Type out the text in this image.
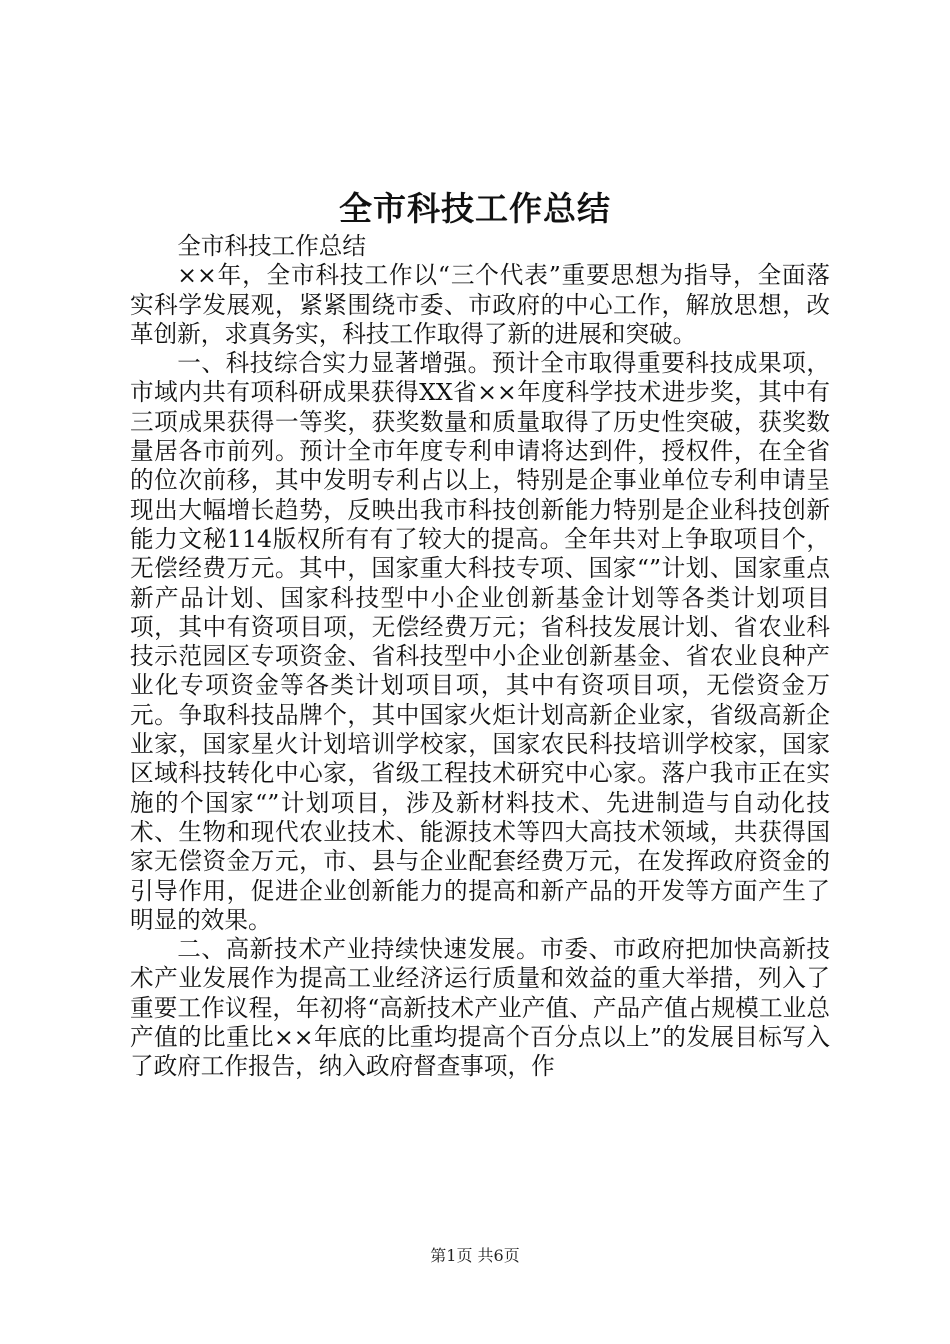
全市科技工作总结

全市科技工作总结

××年，全市科技工作以“三个代表”重要思想为指导，全面落实科学发展观，紧紧围绕市委、市政府的中心工作，解放思想，改革创新，求真务实，科技工作取得了新的进展和突破。

一、科技综合实力显著增强。预计全市取得重要科技成果项，市域内共有项科研成果获得XX省××年度科学技术进步奖，其中有三项成果获得一等奖，获奖数量和质量取得了历史性突破，获奖数量居各市前列。预计全市年度专利申请将达到件，授权件，在全省的位次前移，其中发明专利占以上，特别是企事业单位专利申请呈现出大幅增长趋势，反映出我市科技创新能力特别是企业科技创新能力文秘114版权所有有了较大的提高。全年共对上争取项目个，无偿经费万元。其中，国家重大科技专项、国家“”计划、国家重点新产品计划、国家科技型中小企业创新基金计划等各类计划项目项，其中有资项目项，无偿经费万元；省科技发展计划、省农业科技示范园区专项资金、省科技型中小企业创新基金、省农业良种产业化专项资金等各类计划项目项，其中有资项目项，无偿资金万元。争取科技品牌个，其中国家火炬计划高新企业家，省级高新企业家，国家星火计划培训学校家，国家农民科技培训学校家，国家区域科技转化中心家，省级工程技术研究中心家。落户我市正在实施的个国家“”计划项目，涉及新材料技术、先进制造与自动化技术、生物和现代农业技术、能源技术等四大高技术领域，共获得国家无偿资金万元，市、县与企业配套经费万元，在发挥政府资金的引导作用，促进企业创新能力的提高和新产品的开发等方面产生了明显的效果。

二、高新技术产业持续快速发展。市委、市政府把加快高新技术产业发展作为提高工业经济运行质量和效益的重大举措，列入了重要工作议程，年初将“高新技术产业产值、产品产值占规模工业总产值的比重比××年底的比重均提高个百分点以上”的发展目标写入了政府工作报告，纳入政府督查事项，作

第1页 共6页
